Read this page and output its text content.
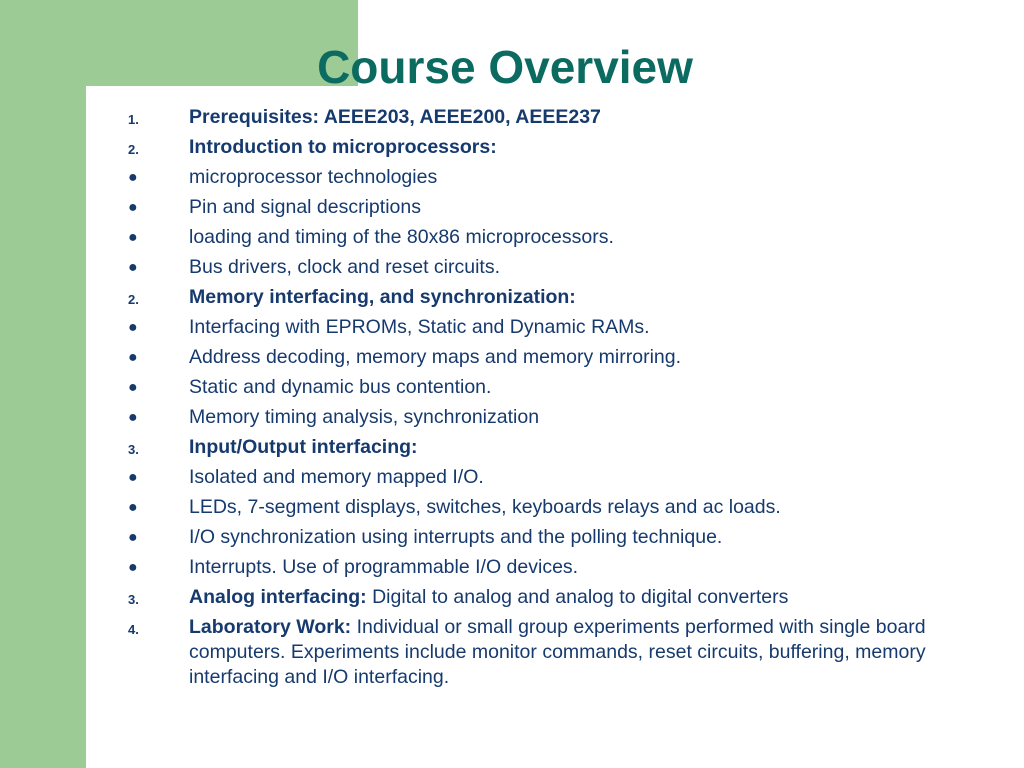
Course Overview
1.	Prerequisites: AEEE203, AEEE200, AEEE237
2.	Introduction to microprocessors:
●	microprocessor technologies
●	Pin and signal descriptions
●	loading and timing of the 80x86 microprocessors.
●	Bus drivers, clock and reset circuits.
2.	Memory interfacing, and synchronization:
●	Interfacing with EPROMs, Static and Dynamic RAMs.
●	Address decoding, memory maps and memory mirroring.
●	Static and dynamic bus contention.
●	Memory timing analysis, synchronization
3.	Input/Output interfacing:
●	Isolated and memory mapped I/O.
●	LEDs, 7-segment displays, switches, keyboards relays and ac loads.
●	I/O synchronization using interrupts and the polling technique.
●	Interrupts. Use of programmable I/O devices.
3.	Analog interfacing: Digital to analog and analog to digital converters
4.	Laboratory Work: Individual or small group experiments performed with single board computers. Experiments include monitor commands, reset circuits, buffering, memory interfacing and I/O interfacing.
